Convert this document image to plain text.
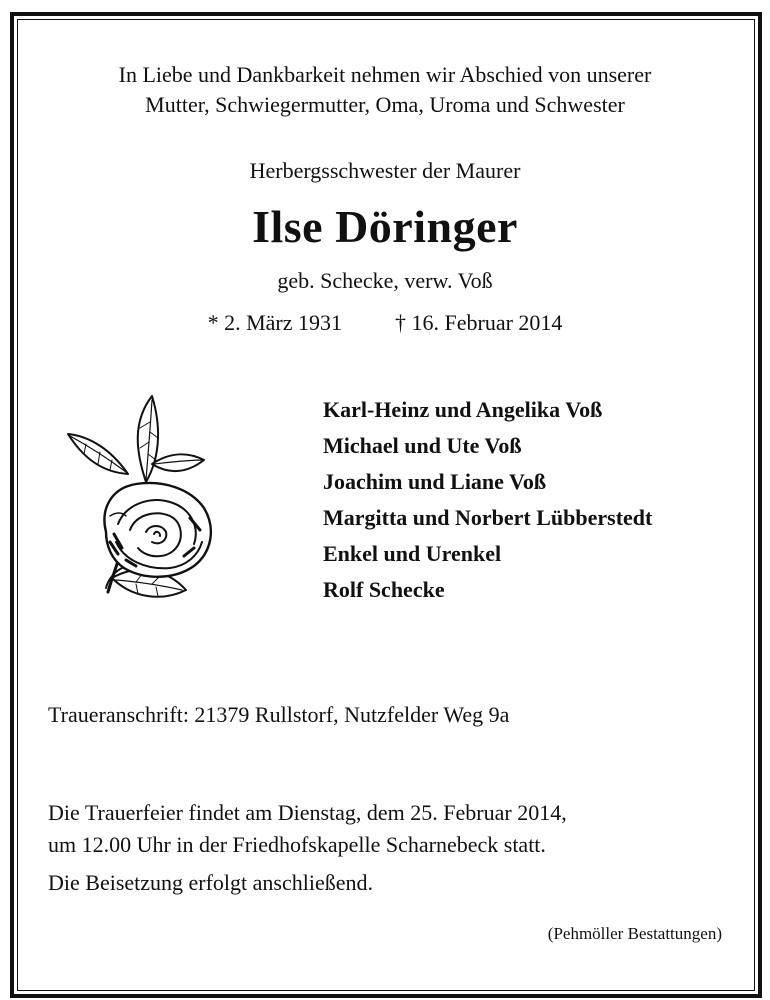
In Liebe und Dankbarkeit nehmen wir Abschied von unserer
Mutter, Schwiegermutter, Oma, Uroma und Schwester
Herbergsschwester der Maurer
Ilse Döringer
geb. Schecke, verw. Voß
* 2. März 1931 † 16. Februar 2014
Karl-Heinz und Angelika Voß
Michael und Ute Voß
Joachim und Liane Voß
Margitta und Norbert Lübberstedt
Enkel und Urenkel
Rolf Schecke
Traueranschrift: 21379 Rullstorf, Nutzfelder Weg 9a
Die Trauerfeier findet am Dienstag, dem 25. Februar 2014,
um 12.00 Uhr in der Friedhofskapelle Scharnebeck statt.
Die Beisetzung erfolgt anschließend.
(Pehmöller Bestattungen)
